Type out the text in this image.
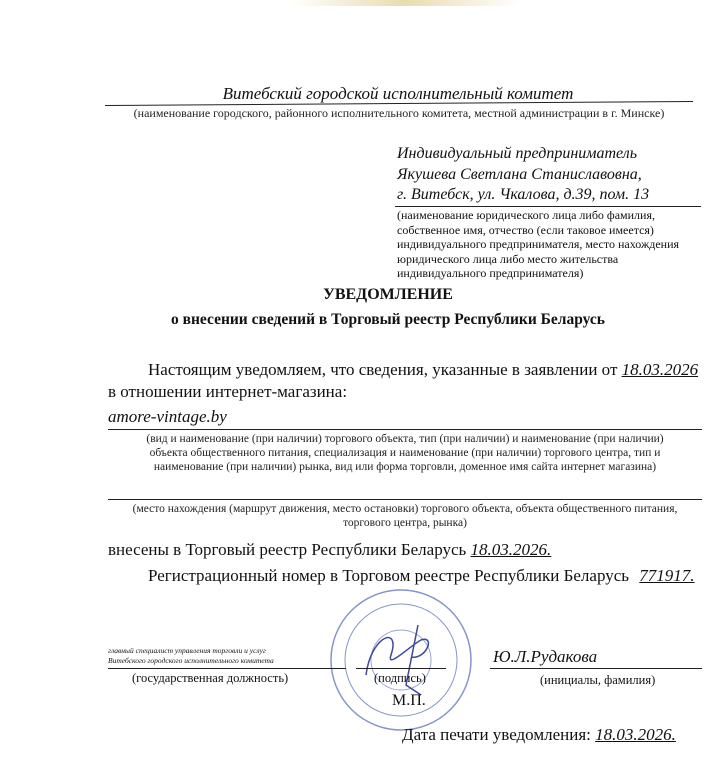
Витебский городской исполнительный комитет
(наименование городского, районного исполнительного комитета, местной администрации в г. Минске)
Индивидуальный предприниматель
Якушева Светлана Станиславовна,
г. Витебск, ул. Чкалова, д.39, пом. 13
(наименование юридического лица либо фамилия,
собственное имя, отчество (если таковое имеется)
индивидуального предпринимателя, место нахождения
юридического лица либо место жительства
индивидуального предпринимателя)
УВЕДОМЛЕНИЕ
о внесении сведений в Торговый реестр Республики Беларусь
Настоящим уведомляем, что сведения, указанные в заявлении от 18.03.2026
в отношении интернет-магазина:
amore-vintage.by
(вид и наименование (при наличии) торгового объекта, тип (при наличии) и наименование (при наличии)
объекта общественного питания, специализация и наименование (при наличии) торгового центра, тип и
наименование (при наличии) рынка, вид или форма торговли, доменное имя сайта интернет магазина)
(место нахождения (маршрут движения, место остановки) торгового объекта, объекта общественного питания,
торгового центра, рынка)
внесены в Торговый реестр Республики Беларусь 18.03.2026.
Регистрационный номер в Торговом реестре Республики Беларусь 771917.
главный специалист управления торговли и услуг
Витебского городского исполнительного комитета
(государственная должность)	(подпись)
Ю.Л.Рудакова
(инициалы, фамилия)
М.П.
Дата печати уведомления: 18.03.2026.
